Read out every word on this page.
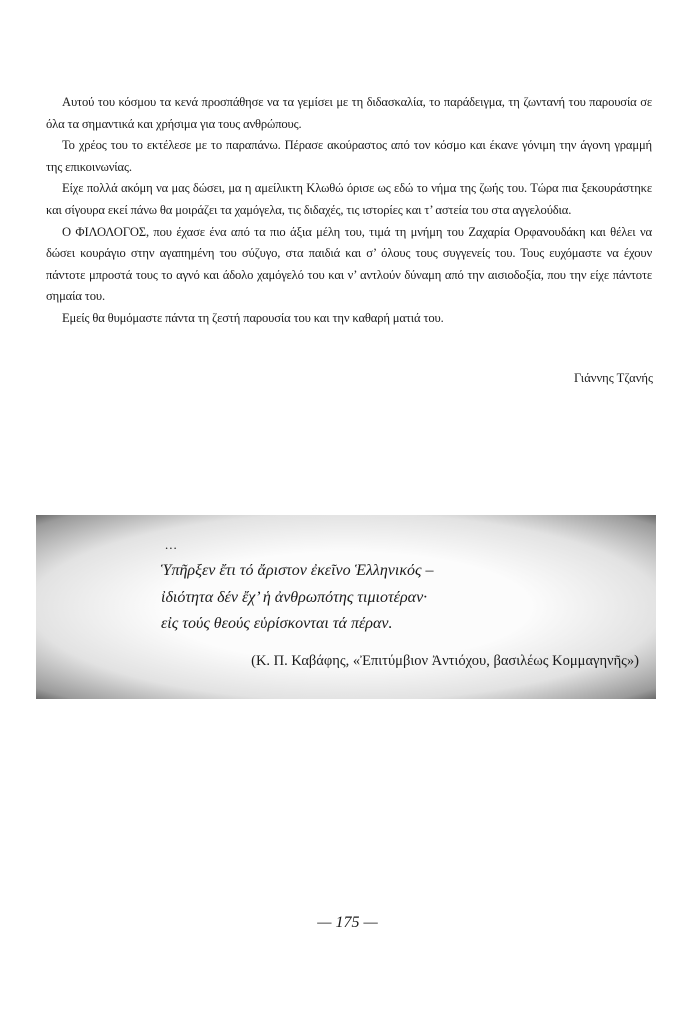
Αυτού του κόσμου τα κενά προσπάθησε να τα γεμίσει με τη διδασκαλία, το παράδειγμα, τη ζωντανή του παρουσία σε όλα τα σημαντικά και χρήσιμα για τους ανθρώπους.

Το χρέος του το εκτέλεσε με το παραπάνω. Πέρασε ακούραστος από τον κόσμο και έκανε γόνιμη την άγονη γραμμή της επικοινωνίας.

Είχε πολλά ακόμη να μας δώσει, μα η αμείλικτη Κλωθώ όρισε ως εδώ το νήμα της ζωής του. Τώρα πια ξεκουράστηκε και σίγουρα εκεί πάνω θα μοιράζει τα χαμόγελα, τις διδαχές, τις ιστορίες και τ’ αστεία του στα αγγελούδια.

Ο ΦΙΛΟΛΟΓΟΣ, που έχασε ένα από τα πιο άξια μέλη του, τιμά τη μνήμη του Ζαχαρία Ορφανουδάκη και θέλει να δώσει κουράγιο στην αγαπημένη του σύζυγο, στα παιδιά και σ’ όλους τους συγγενείς του. Τους ευχόμαστε να έχουν πάντοτε μπροστά τους το αγνό και άδολο χαμόγελό του και ν’ αντλούν δύναμη από την αισιοδοξία, που την είχε πάντοτε σημαία του.

Εμείς θα θυμόμαστε πάντα τη ζεστή παρουσία του και την καθαρή ματιά του.

Γιάννης Τζανής
...
Ὑπῆρξεν ἔτι τό ἄριστον ἐκεῖνο Ἑλληνικός –
ἰδιότητα δέν ἔχ’ ἡ ἀνθρωπότης τιμιοτέραν·
εἰς τούς θεούς εὑρίσκονται τά πέραν.
(Κ. Π. Καβάφης, «Ἐπιτύμβιον Ἀντιόχου, βασιλέως Κομμαγηνῆς»)
— 175 —
